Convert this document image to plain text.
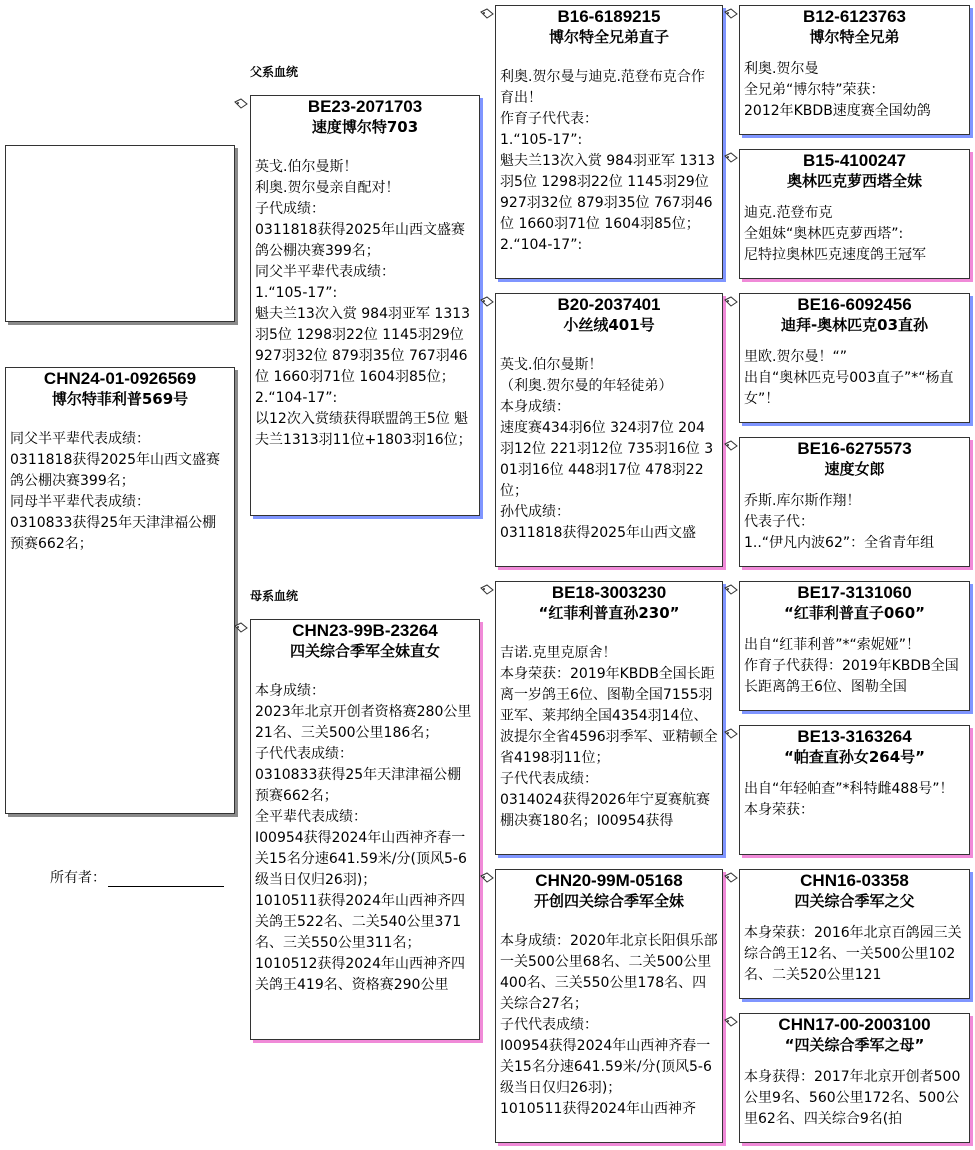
父系血统
母系血统
CHN24-01-0926569
博尔特菲利普569号
同父半平辈代表成绩：
0311818获得2025年山西文盛赛鸽公棚决赛399名；
同母半平辈代表成绩：
0310833获得25年天津津福公棚预赛662名；
BE23-2071703
速度博尔特703
英戈.伯尔曼斯！
利奥.贺尔曼亲自配对！
子代成绩：
0311818获得2025年山西文盛赛鸽公棚决赛399名；
同父半平辈代表成绩：
1.“105-17”:
魁夫兰13次入赏 984羽亚军 1313羽5位 1298羽22位 1145羽29位 927羽32位 879羽35位 767羽46位 1660羽71位 1604羽85位；
2.“104-17”:
以12次入赏绩获得联盟鸽王5位 魁夫兰1313羽11位+1803羽16位；
CHN23-99B-23264
四关综合季军全妹直女
本身成绩：
2023年北京开创者资格赛280公里21名、三关500公里186名；
子代代表成绩：
0310833获得25年天津津福公棚预赛662名；
全平辈代表成绩：
I00954获得2024年山西神齐春一关15名分速641.59米/分(顶风5-6级当日仅归26羽)；
1010511获得2024年山西神齐四关鸽王522名、二关540公里371名、三关550公里311名；
1010512获得2024年山西神齐四关鸽王419名、资格赛290公里
B16-6189215
博尔特全兄弟直子
利奥.贺尔曼与迪克.范登布克合作育出！
作育子代代表：
1.“105-17”:
魁夫兰13次入赏 984羽亚军 1313羽5位 1298羽22位 1145羽29位 927羽32位 879羽35位 767羽46位 1660羽71位 1604羽85位；2.“104-17”:
B20-2037401
小丝绒401号
英戈.伯尔曼斯！
（利奥.贺尔曼的年轻徒弟）
本身成绩：
速度赛434羽6位 324羽7位 204羽12位 221羽12位 735羽16位 301羽16位 448羽17位 478羽22位；
孙代成绩：
0311818获得2025年山西文盛
BE18-3003230
“红菲利普直孙230”
吉诺.克里克原舍！
本身荣获：2019年KBDB全国长距离一岁鸽王6位、图勒全国7155羽亚军、莱邦纳全国4354羽14位、波提尔全省4596羽季军、亚精顿全省4198羽11位；
子代代表成绩：
0314024获得2026年宁夏赛航赛棚决赛180名；I00954获得
CHN20-99M-05168
开创四关综合季军全妹
本身成绩：2020年北京长阳俱乐部一关500公里68名、二关500公里400名、三关550公里178名、四关综合27名；
子代代表成绩：
I00954获得2024年山西神齐春一关15名分速641.59米/分(顶风5-6级当日仅归26羽)；
1010511获得2024年山西神齐
B12-6123763
博尔特全兄弟
利奥.贺尔曼
全兄弟“博尔特”荣获：
2012年KBDB速度赛全国幼鸽
B15-4100247
奥林匹克萝西塔全妹
迪克.范登布克
全姐妹“奥林匹克萝西塔”:
尼特拉奥林匹克速度鸽王冠军
BE16-6092456
迪拜-奥林匹克03直孙
里欧.贺尔曼！“”
出自“奥林匹克号003直子”*“杨直女”！
BE16-6275573
速度女郎
乔斯.库尔斯作翔！
代表子代：
1..“伊凡内波62”：全省青年组
BE17-3131060
“红菲利普直子060”
出自“红菲利普”*“索妮娅”！
作育子代获得：2019年KBDB全国长距离鸽王6位、图勒全国
BE13-3163264
“帕查直孙女264号”
出自“年轻帕查”*科特雌488号”！
本身荣获：
CHN16-03358
四关综合季军之父
本身荣获：2016年北京百鸽园三关综合鸽王12名、一关500公里102名、二关520公里121
CHN17-00-2003100
“四关综合季军之母”
本身获得：2017年北京开创者500公里9名、560公里172名、500公里62名、四关综合9名(拍
所有者：
